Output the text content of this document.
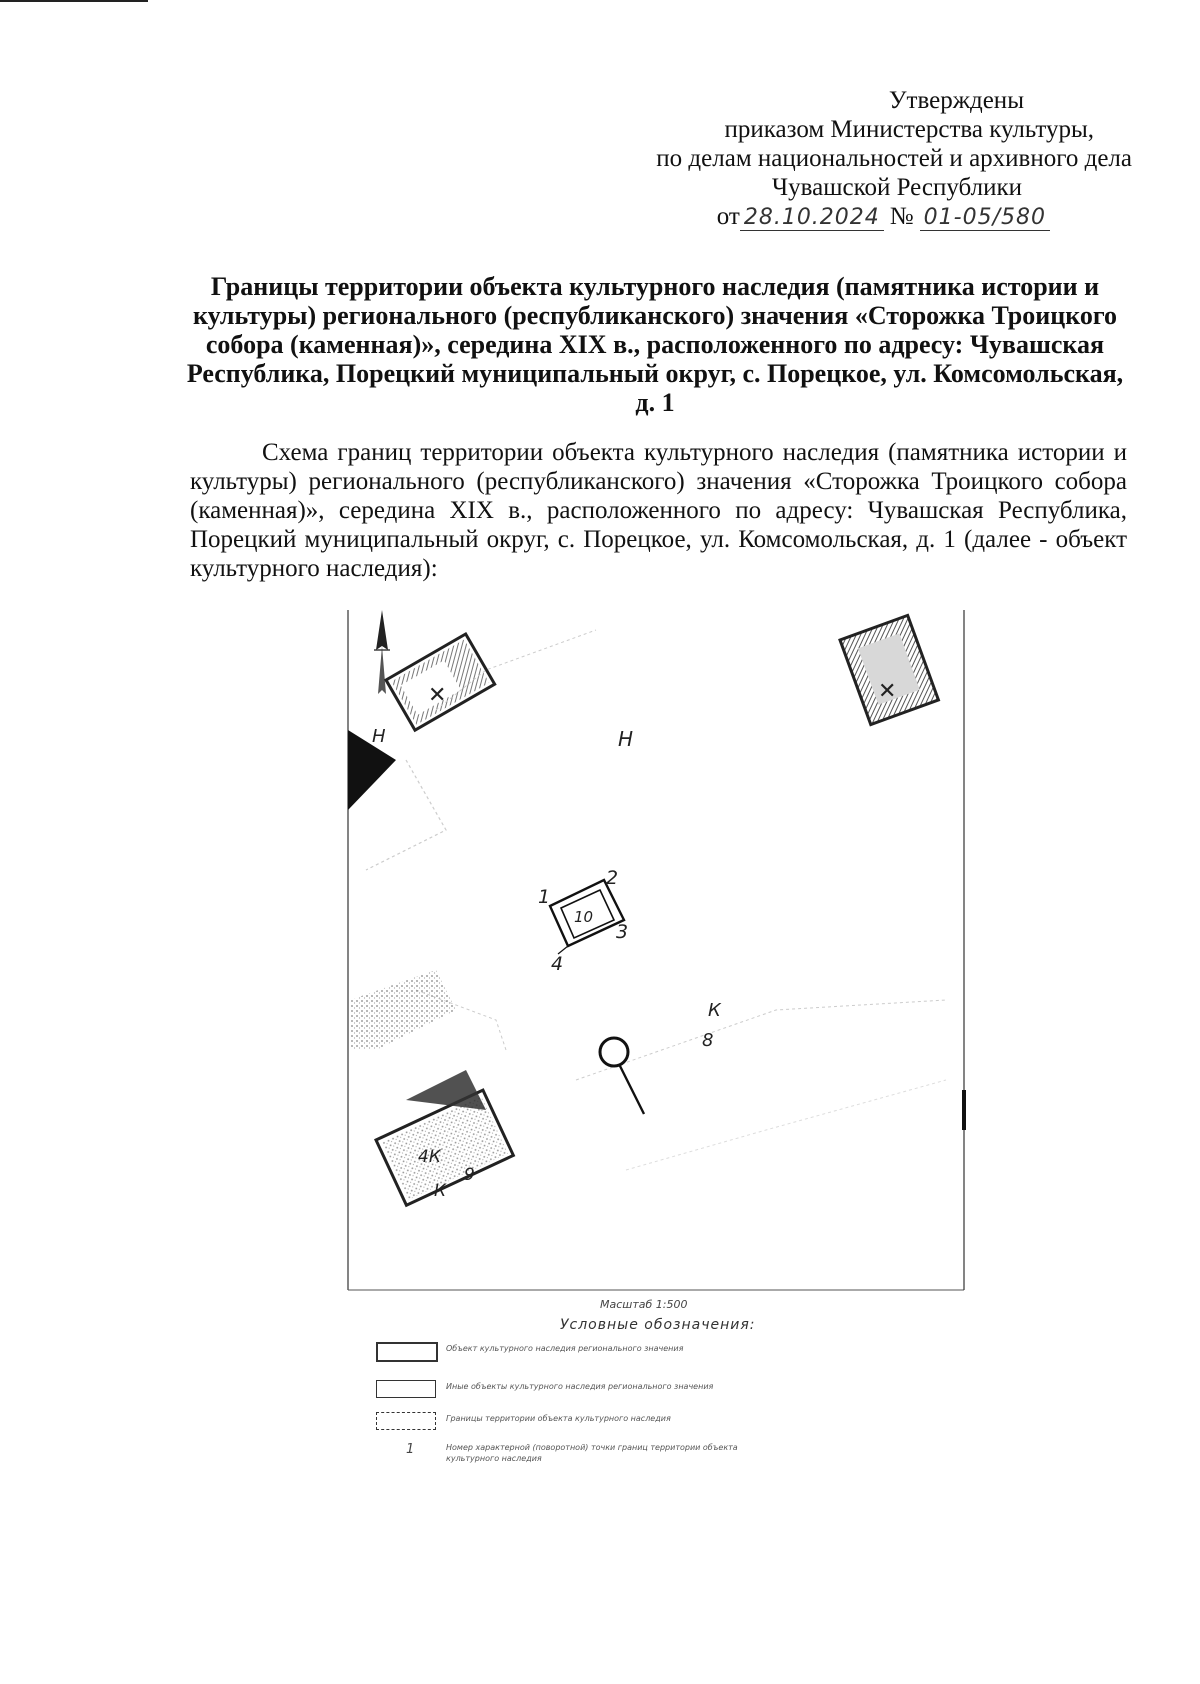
Утверждены
приказом Министерства культуры,
по делам национальностей и архивного дела
Чувашской Республики
от 28.10.2024 № 01-05/580
Границы территории объекта культурного наследия (памятника истории и культуры) регионального (республиканского) значения «Сторожка Троицкого собора (каменная)», середина XIX в., расположенного по адресу: Чувашская Республика, Порецкий муниципальный округ, с. Порецкое, ул. Комсомольская, д. 1
Схема границ территории объекта культурного наследия (памятника истории и культуры) регионального (республиканского) значения «Сторожка Троицкого собора (каменная)», середина XIX в., расположенного по адресу: Чувашская Республика, Порецкий муниципальный округ, с. Порецкое, ул. Комсомольская, д. 1 (далее - объект культурного наследия):
Н
✕	✕
Н
1
2
3
4
10
К
8
4К
К
9
Масштаб 1:500
Условные обозначения:
Объект культурного наследия регионального значения
Иные объекты культурного наследия регионального значения
Границы территории объекта культурного наследия
1	Номер характерной (поворотной) точки границ территории объекта культурного наследия
